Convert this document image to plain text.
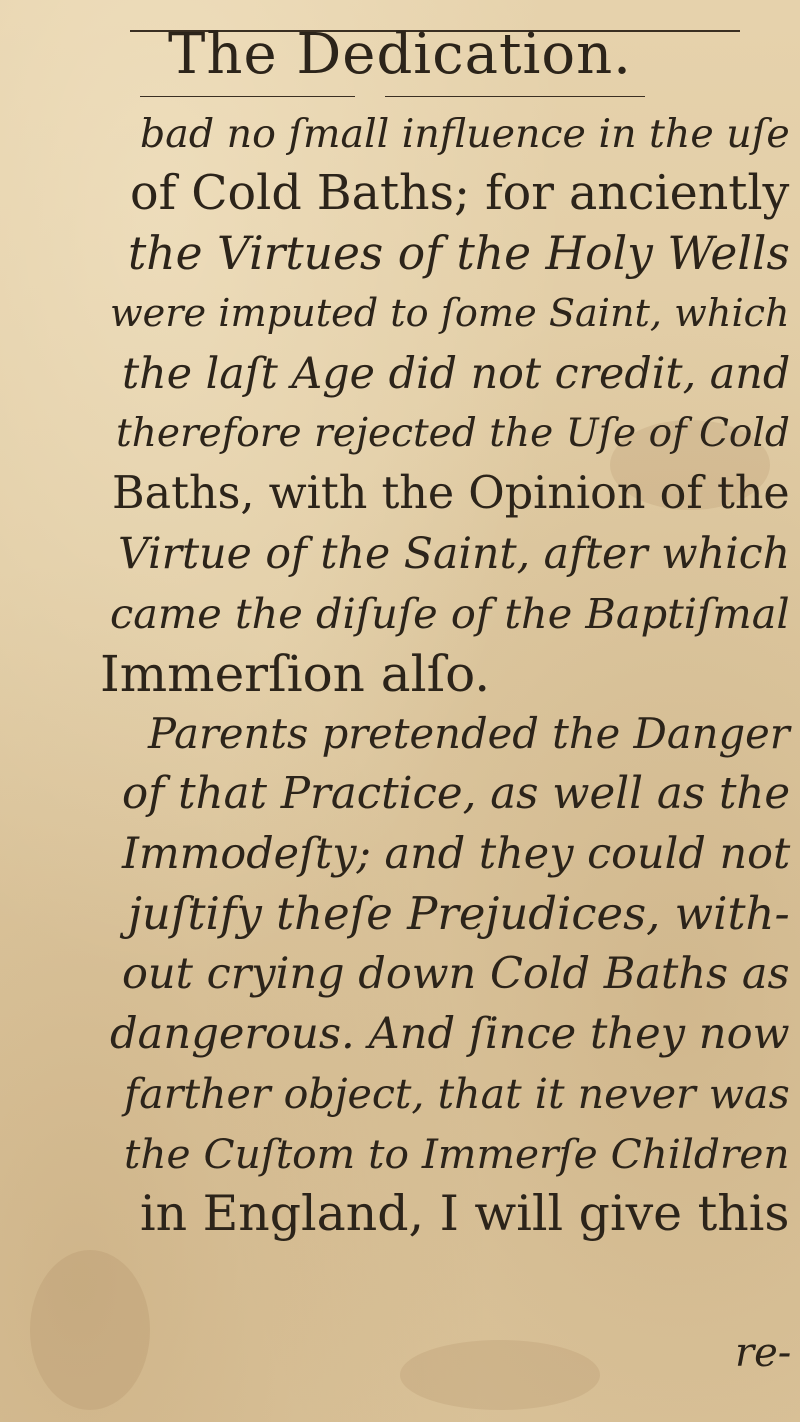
The Dedication.
bad no ſmall influence in the uſe
of Cold Baths; for anciently
the Virtues of the Holy Wells
were imputed to ſome Saint, which
the laſt Age did not credit, and
therefore rejected the Uſe of Cold
Baths, with the Opinion of the
Virtue of the Saint, after which
came the diſuſe of the Baptiſmal
Immerſion alſo.
Parents pretended the Danger
of that Practice, as well as the
Immodeſty; and they could not
juſtify theſe Prejudices, with-
out crying down Cold Baths as
dangerous. And ſince they now
farther object, that it never was
the Cuſtom to Immerſe Children
in England, I will give this
re-
